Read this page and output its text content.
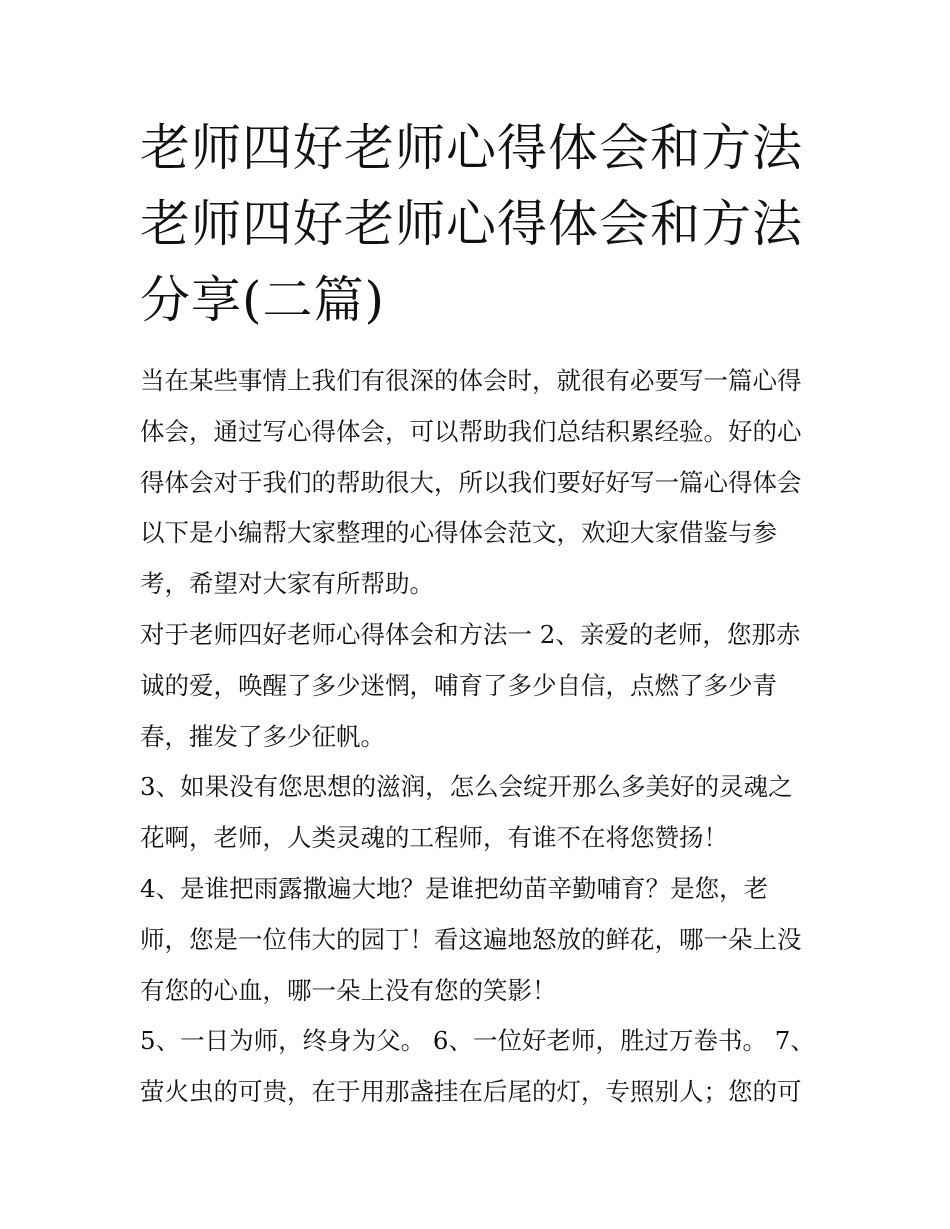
老师四好老师心得体会和方法
老师四好老师心得体会和方法
分享(二篇)

当在某些事情上我们有很深的体会时，就很有必要写一篇心得

体会，通过写心得体会，可以帮助我们总结积累经验。好的心

得体会对于我们的帮助很大，所以我们要好好写一篇心得体会

以下是小编帮大家整理的心得体会范文，欢迎大家借鉴与参

考，希望对大家有所帮助。

对于老师四好老师心得体会和方法一 2、亲爱的老师，您那赤

诚的爱，唤醒了多少迷惘，哺育了多少自信，点燃了多少青

春，摧发了多少征帆。

3、如果没有您思想的滋润，怎么会绽开那么多美好的灵魂之

花啊，老师，人类灵魂的工程师，有谁不在将您赞扬！

4、是谁把雨露撒遍大地？是谁把幼苗辛勤哺育？是您，老

师，您是一位伟大的园丁！看这遍地怒放的鲜花，哪一朵上没

有您的心血，哪一朵上没有您的笑影！

5、一日为师，终身为父。 6、一位好老师，胜过万卷书。 7、

萤火虫的可贵，在于用那盏挂在后尾的灯，专照别人；您的可
